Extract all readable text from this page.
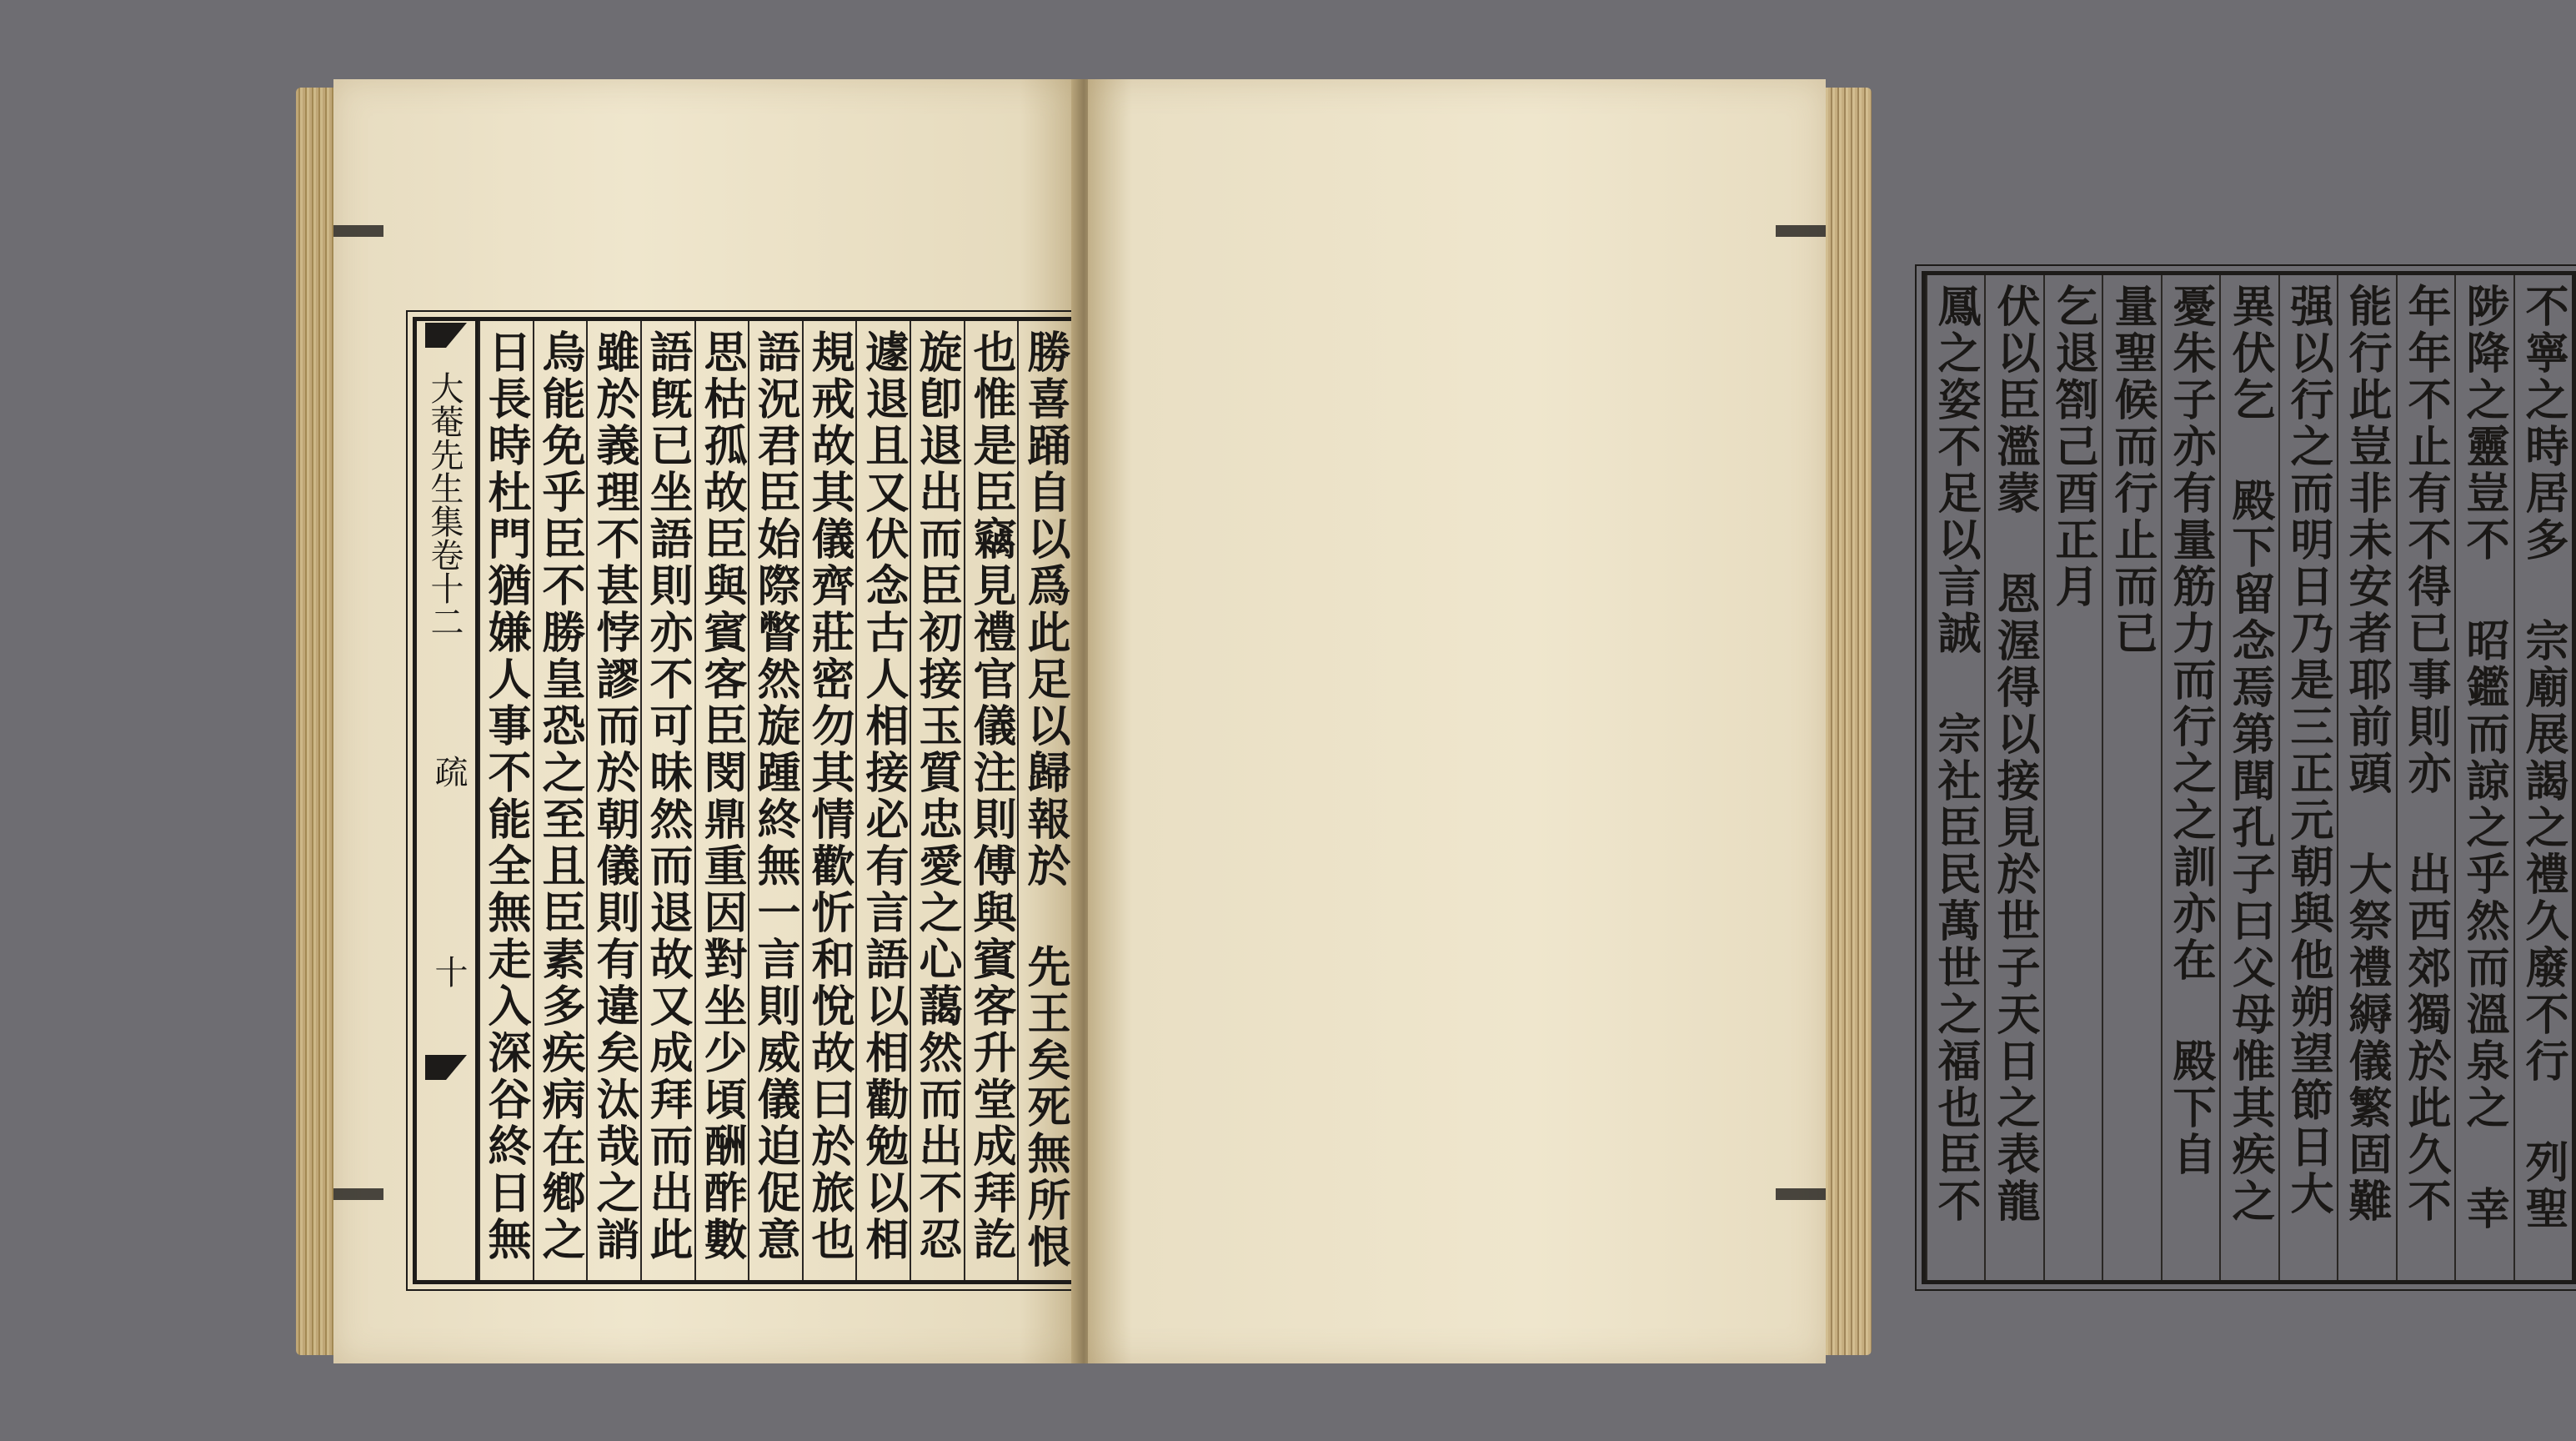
大菴先生集卷十二
疏
十	勝喜踊自以爲此足以歸報於 先王矣死無所恨
也惟是臣竊見禮官儀注則傅與賓客升堂成拜訖
旋卽退出而臣初接玉質忠愛之心藹然而出不忍
遽退且又伏念古人相接必有言語以相勸勉以相
規戒故其儀齊莊密勿其情歡忻和悅故曰於旅也
語況君臣始際瞥然旋踵終無一言則威儀迫促意
思枯孤故臣與賓客臣閔鼎重因對坐少頃酬酢數
語旣已坐語則亦不可昧然而退故又成拜而出此
雖於義理不甚悖謬而於朝儀則有違矣汰哉之誚
烏能免乎臣不勝皇恐之至且臣素多疾病在鄕之
日長時杜門猶嫌人事不能全無走入深谷終日無	不寧之時居多 宗廟展謁之禮久廢不行 列聖
陟降之靈豈不 昭鑑而諒之乎然而溫泉之 幸
年年不止有不得已事則亦 出西郊獨於此久不
能行此豈非未安者耶前頭 大祭禮縟儀繁固難
强以行之而明日乃是三正元朝與他朔望節日大
異伏乞 殿下留念焉第聞孔子曰父母惟其疾之
憂朱子亦有量筋力而行之之訓亦在 殿下自
量聖候而行止而已
乞退劄己酉正月
伏以臣濫蒙 恩渥得以接見於世子天日之表龍
鳳之姿不足以言誠 宗社臣民萬世之福也臣不
